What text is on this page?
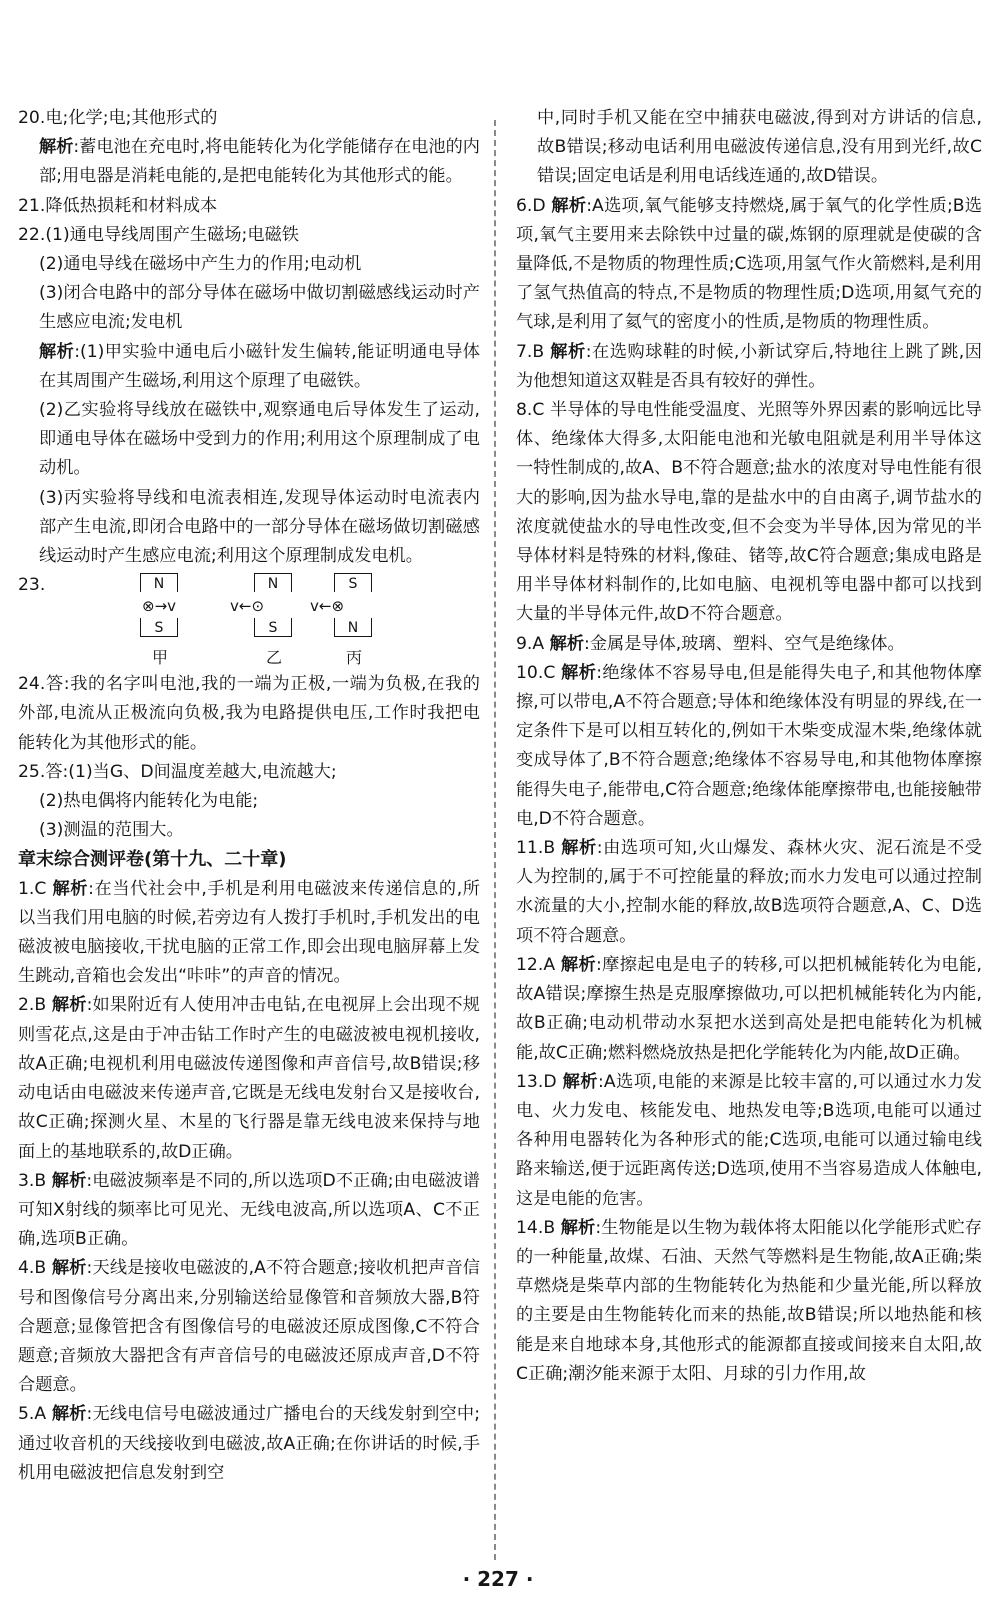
20.电;化学;电;其他形式的

解析:蓄电池在充电时,将电能转化为化学能储存在电池的内部;用电器是消耗电能的,是把电能转化为其他形式的能。

21.降低热损耗和材料成本

22.(1)通电导线周围产生磁场;电磁铁

(2)通电导线在磁场中产生力的作用;电动机

(3)闭合电路中的部分导体在磁场中做切割磁感线运动时产生感应电流;发电机

解析:(1)甲实验中通电后小磁针发生偏转,能证明通电导体在其周围产生磁场,利用这个原理了电磁铁。

(2)乙实验将导线放在磁铁中,观察通电后导体发生了运动,即通电导体在磁场中受到力的作用;利用这个原理制成了电动机。

(3)丙实验将导线和电流表相连,发现导体运动时电流表内部产生电流,即闭合电路中的一部分导体在磁场做切割磁感线运动时产生感应电流;利用这个原理制成发电机。

23.	N
⊗→v
S
甲
N
v←⊙
S
乙
S
v←⊗
N
丙

24.答:我的名字叫电池,我的一端为正极,一端为负极,在我的外部,电流从正极流向负极,我为电路提供电压,工作时我把电能转化为其他形式的能。

25.答:(1)当G、D间温度差越大,电流越大;

(2)热电偶将内能转化为电能;

(3)测温的范围大。

章末综合测评卷(第十九、二十章)

1.C 解析:在当代社会中,手机是利用电磁波来传递信息的,所以当我们用电脑的时候,若旁边有人拨打手机时,手机发出的电磁波被电脑接收,干扰电脑的正常工作,即会出现电脑屏幕上发生跳动,音箱也会发出“咔咔”的声音的情况。

2.B 解析:如果附近有人使用冲击电钻,在电视屏上会出现不规则雪花点,这是由于冲击钻工作时产生的电磁波被电视机接收,故A正确;电视机利用电磁波传递图像和声音信号,故B错误;移动电话由电磁波来传递声音,它既是无线电发射台又是接收台,故C正确;探测火星、木星的飞行器是靠无线电波来保持与地面上的基地联系的,故D正确。

3.B 解析:电磁波频率是不同的,所以选项D不正确;由电磁波谱可知X射线的频率比可见光、无线电波高,所以选项A、C不正确,选项B正确。

4.B 解析:天线是接收电磁波的,A不符合题意;接收机把声音信号和图像信号分离出来,分别输送给显像管和音频放大器,B符合题意;显像管把含有图像信号的电磁波还原成图像,C不符合题意;音频放大器把含有声音信号的电磁波还原成声音,D不符合题意。

5.A 解析:无线电信号电磁波通过广播电台的天线发射到空中;通过收音机的天线接收到电磁波,故A正确;在你讲话的时候,手机用电磁波把信息发射到空

中,同时手机又能在空中捕获电磁波,得到对方讲话的信息,故B错误;移动电话利用电磁波传递信息,没有用到光纤,故C错误;固定电话是利用电话线连通的,故D错误。

6.D 解析:A选项,氧气能够支持燃烧,属于氧气的化学性质;B选项,氧气主要用来去除铁中过量的碳,炼钢的原理就是使碳的含量降低,不是物质的物理性质;C选项,用氢气作火箭燃料,是利用了氢气热值高的特点,不是物质的物理性质;D选项,用氦气充的气球,是利用了氦气的密度小的性质,是物质的物理性质。

7.B 解析:在选购球鞋的时候,小新试穿后,特地往上跳了跳,因为他想知道这双鞋是否具有较好的弹性。

8.C 半导体的导电性能受温度、光照等外界因素的影响远比导体、绝缘体大得多,太阳能电池和光敏电阻就是利用半导体这一特性制成的,故A、B不符合题意;盐水的浓度对导电性能有很大的影响,因为盐水导电,靠的是盐水中的自由离子,调节盐水的浓度就使盐水的导电性改变,但不会变为半导体,因为常见的半导体材料是特殊的材料,像硅、锗等,故C符合题意;集成电路是用半导体材料制作的,比如电脑、电视机等电器中都可以找到大量的半导体元件,故D不符合题意。

9.A 解析:金属是导体,玻璃、塑料、空气是绝缘体。

10.C 解析:绝缘体不容易导电,但是能得失电子,和其他物体摩擦,可以带电,A不符合题意;导体和绝缘体没有明显的界线,在一定条件下是可以相互转化的,例如干木柴变成湿木柴,绝缘体就变成导体了,B不符合题意;绝缘体不容易导电,和其他物体摩擦能得失电子,能带电,C符合题意;绝缘体能摩擦带电,也能接触带电,D不符合题意。

11.B 解析:由选项可知,火山爆发、森林火灾、泥石流是不受人为控制的,属于不可控能量的释放;而水力发电可以通过控制水流量的大小,控制水能的释放,故B选项符合题意,A、C、D选项不符合题意。

12.A 解析:摩擦起电是电子的转移,可以把机械能转化为电能,故A错误;摩擦生热是克服摩擦做功,可以把机械能转化为内能,故B正确;电动机带动水泵把水送到高处是把电能转化为机械能,故C正确;燃料燃烧放热是把化学能转化为内能,故D正确。

13.D 解析:A选项,电能的来源是比较丰富的,可以通过水力发电、火力发电、核能发电、地热发电等;B选项,电能可以通过各种用电器转化为各种形式的能;C选项,电能可以通过输电线路来输送,便于远距离传送;D选项,使用不当容易造成人体触电,这是电能的危害。

14.B 解析:生物能是以生物为载体将太阳能以化学能形式贮存的一种能量,故煤、石油、天然气等燃料是生物能,故A正确;柴草燃烧是柴草内部的生物能转化为热能和少量光能,所以释放的主要是由生物能转化而来的热能,故B错误;所以地热能和核能是来自地球本身,其他形式的能源都直接或间接来自太阳,故C正确;潮汐能来源于太阳、月球的引力作用,故

· 227 ·
